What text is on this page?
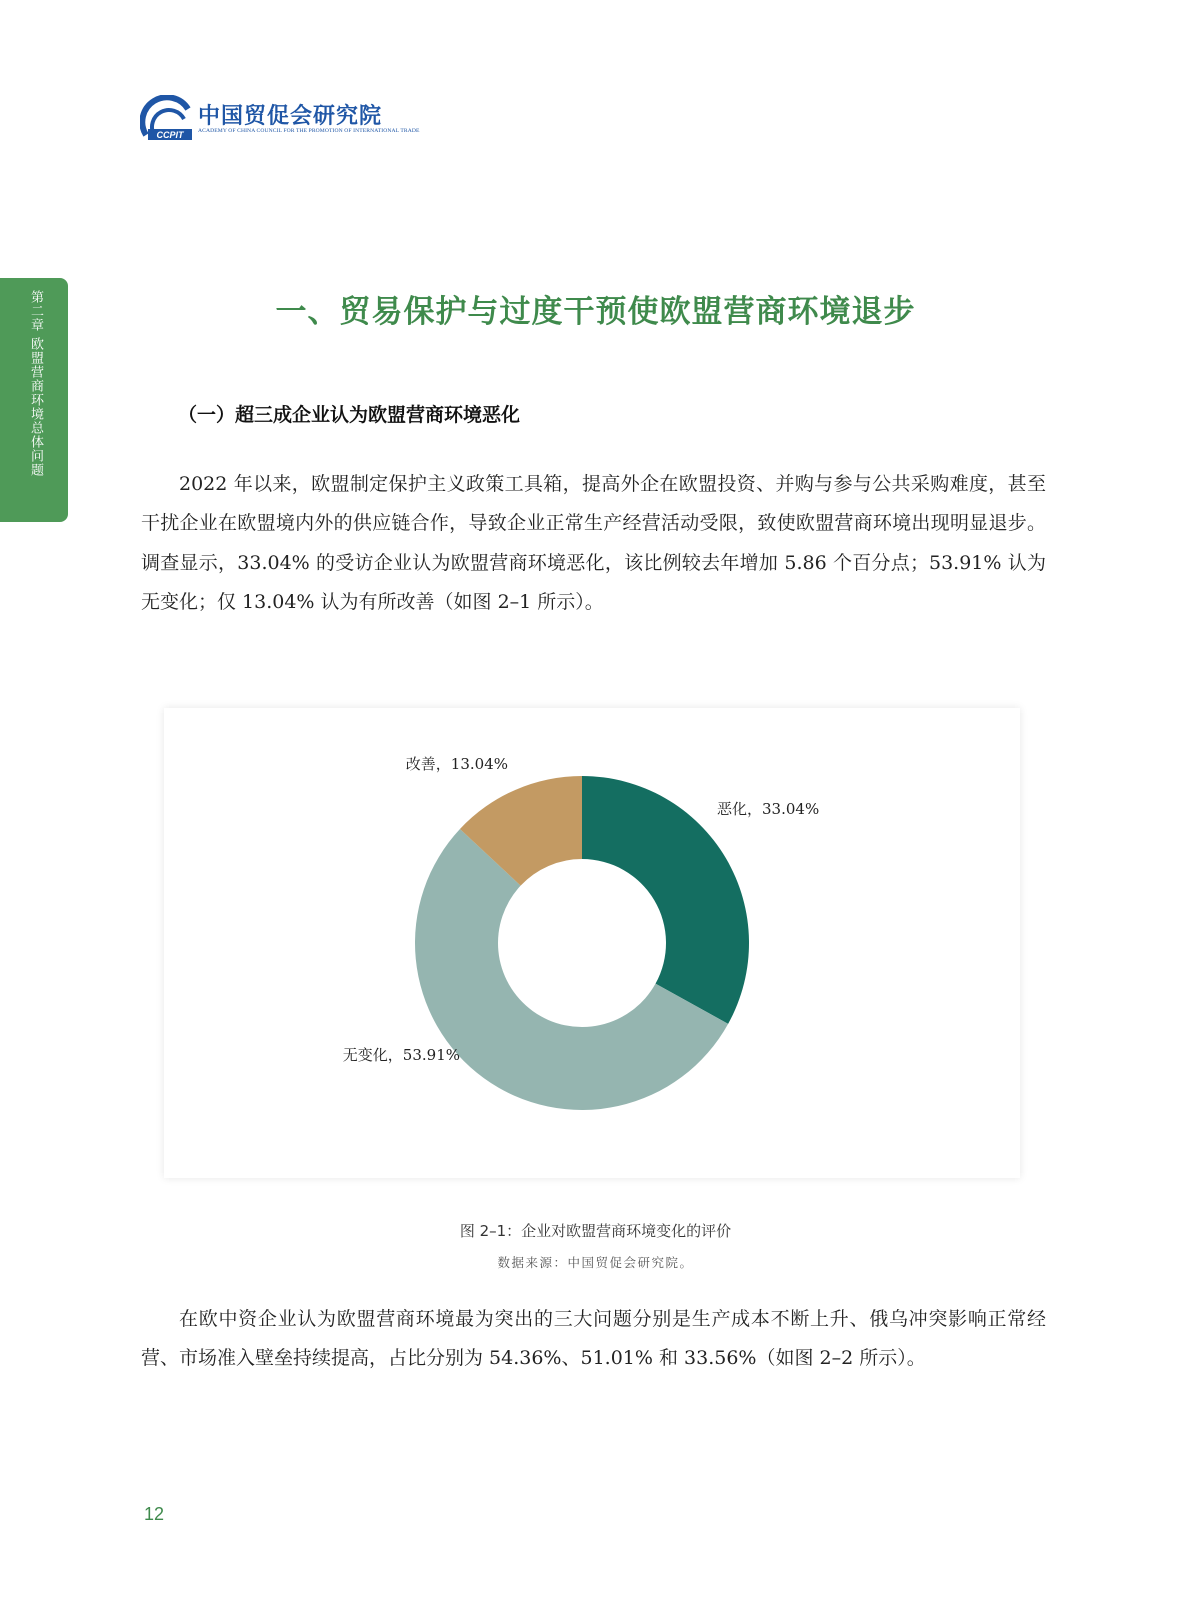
CCPIT
中国贸促会研究院
ACADEMY OF CHINA COUNCIL FOR THE PROMOTION OF INTERNATIONAL TRADE
第二章 欧盟营商环境总体问题	一、贸易保护与过度干预使欧盟营商环境退步
（一）超三成企业认为欧盟营商环境恶化

2022 年以来，欧盟制定保护主义政策工具箱，提高外企在欧盟投资、并购与参与公共采购难度，甚至干扰企业在欧盟境内外的供应链合作，导致企业正常生产经营活动受限，致使欧盟营商环境出现明显退步。调查显示，33.04% 的受访企业认为欧盟营商环境恶化，该比例较去年增加 5.86 个百分点；53.91% 认为无变化；仅 13.04% 认为有所改善（如图 2–1 所示）。

恶化，33.04%
无变化，53.91%
改善，13.04%

图 2–1：企业对欧盟营商环境变化的评价

数据来源：中国贸促会研究院。

在欧中资企业认为欧盟营商环境最为突出的三大问题分别是生产成本不断上升、俄乌冲突影响正常经营、市场准入壁垒持续提高，占比分别为 54.36%、51.01% 和 33.56%（如图 2–2 所示）。

12
